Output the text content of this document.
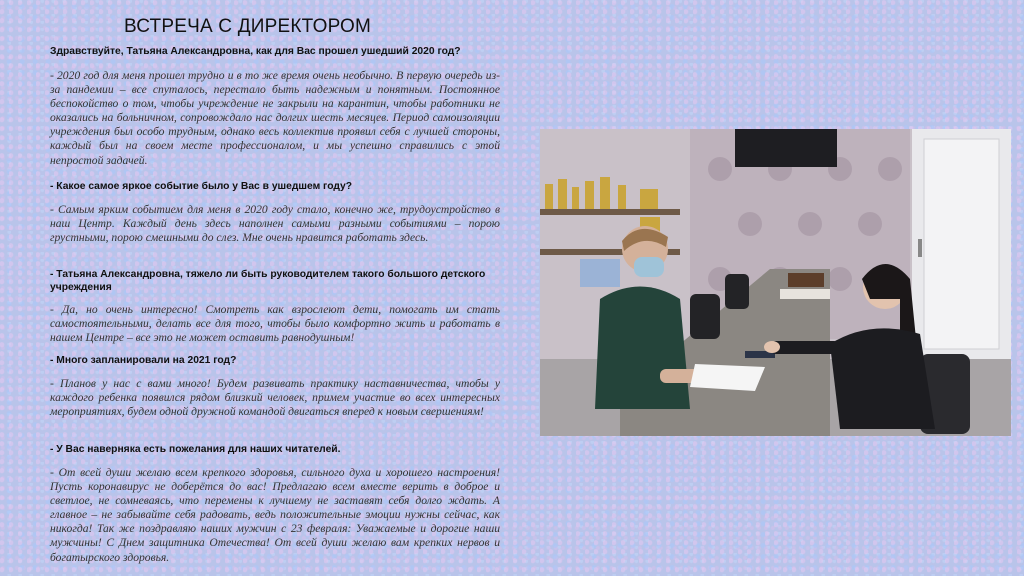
ВСТРЕЧА С ДИРЕКТОРОМ

Здравствуйте, Татьяна Александровна, как для Вас прошел ушедший 2020 год?

- 2020 год для меня прошел трудно и в то же время очень необычно. В первую очередь из-за пандемии – все спуталось, перестало быть надежным и понятным. Постоянное беспокойство о том, чтобы учреждение не закрыли на карантин, чтобы работники не оказались на больничном, сопровождало нас долгих шесть месяцев. Период самоизоляции учреждения был особо трудным, однако весь коллектив проявил себя с лучшей стороны, каждый был на своем месте профессионалом, и мы успешно справились с этой непростой задачей.

- Какое самое яркое событие было у Вас в ушедшем году?

- Самым ярким событием для меня в 2020 году стало, конечно же, трудоустройство в наш Центр. Каждый день здесь наполнен самыми разными событиями – порою грустными, порою смешными до слез. Мне очень нравится работать здесь.

- Татьяна Александровна, тяжело ли быть руководителем такого большого детского учреждения

- Да, но очень интересно! Смотреть как взрослеют дети, помогать им стать самостоятельными, делать все для того, чтобы было комфортно жить и работать в нашем Центре – все это не может оставить равнодушным!

- Много запланировали на 2021 год?

- Планов у нас с вами много! Будем развивать практику наставничества, чтобы у каждого ребенка появился рядом близкий человек, примем участие во всех интересных мероприятиях, будем одной дружной командой двигаться вперед к новым свершениям!

- У Вас наверняка есть пожелания для наших читателей.

- От всей души желаю всем крепкого здоровья, сильного духа и хорошего настроения! Пусть коронавирус не доберётся до вас! Предлагаю всем вместе верить в доброе и светлое, не сомневаясь, что перемены к лучшему не заставят себя долго ждать. А главное – не забывайте себя радовать, ведь положительные эмоции нужны сейчас, как никогда! Так же поздравляю наших мужчин с 23 февраля: Уважаемые и дорогие наши мужчины! С Днем защитника Отечества! От всей души желаю вам крепких нервов и богатырского здоровья.
